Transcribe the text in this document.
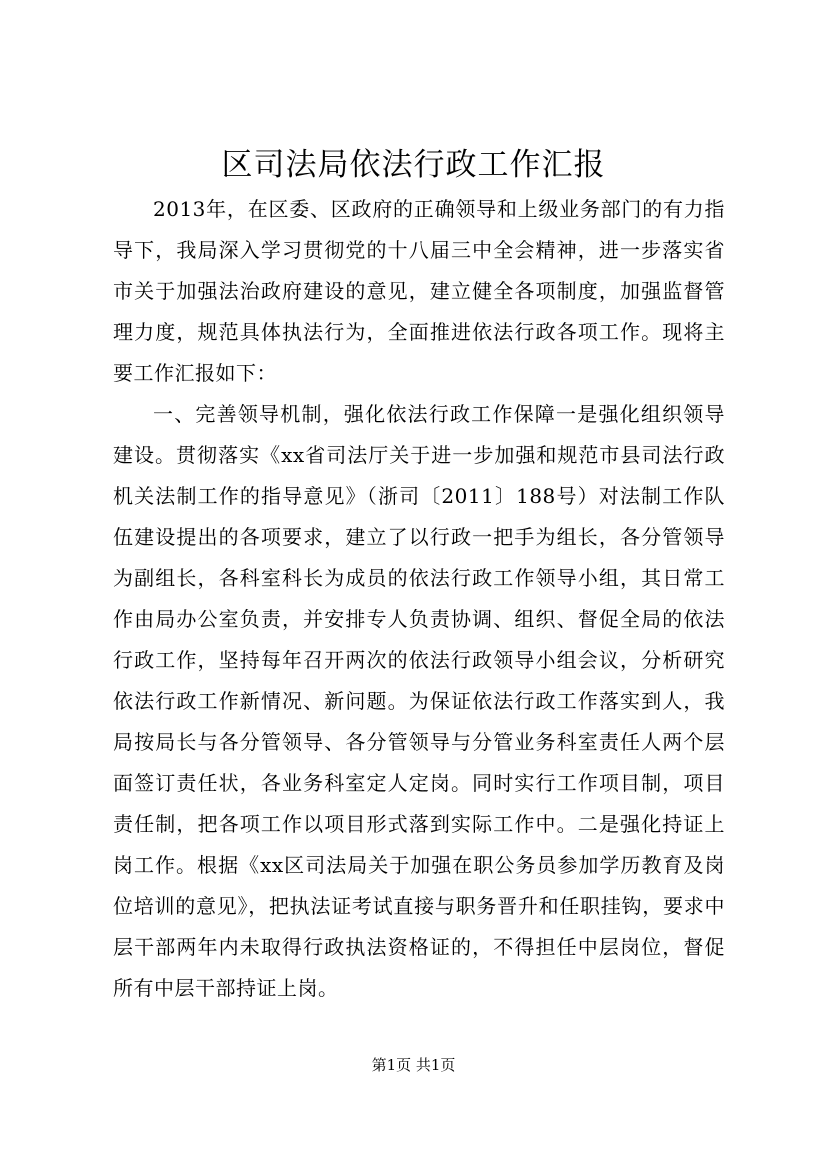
区司法局依法行政工作汇报

2013年，在区委、区政府的正确领导和上级业务部门的有力指导下，我局深入学习贯彻党的十八届三中全会精神，进一步落实省市关于加强法治政府建设的意见，建立健全各项制度，加强监督管理力度，规范具体执法行为，全面推进依法行政各项工作。现将主要工作汇报如下：

一、完善领导机制，强化依法行政工作保障一是强化组织领导建设。贯彻落实《xx省司法厅关于进一步加强和规范市县司法行政机关法制工作的指导意见》（浙司〔2011〕188号）对法制工作队伍建设提出的各项要求，建立了以行政一把手为组长，各分管领导为副组长，各科室科长为成员的依法行政工作领导小组，其日常工作由局办公室负责，并安排专人负责协调、组织、督促全局的依法行政工作，坚持每年召开两次的依法行政领导小组会议，分析研究依法行政工作新情况、新问题。为保证依法行政工作落实到人，我局按局长与各分管领导、各分管领导与分管业务科室责任人两个层面签订责任状，各业务科室定人定岗。同时实行工作项目制，项目责任制，把各项工作以项目形式落到实际工作中。二是强化持证上岗工作。根据《xx区司法局关于加强在职公务员参加学历教育及岗位培训的意见》，把执法证考试直接与职务晋升和任职挂钩，要求中层干部两年内未取得行政执法资格证的，不得担任中层岗位，督促所有中层干部持证上岗。

第1页 共1页
